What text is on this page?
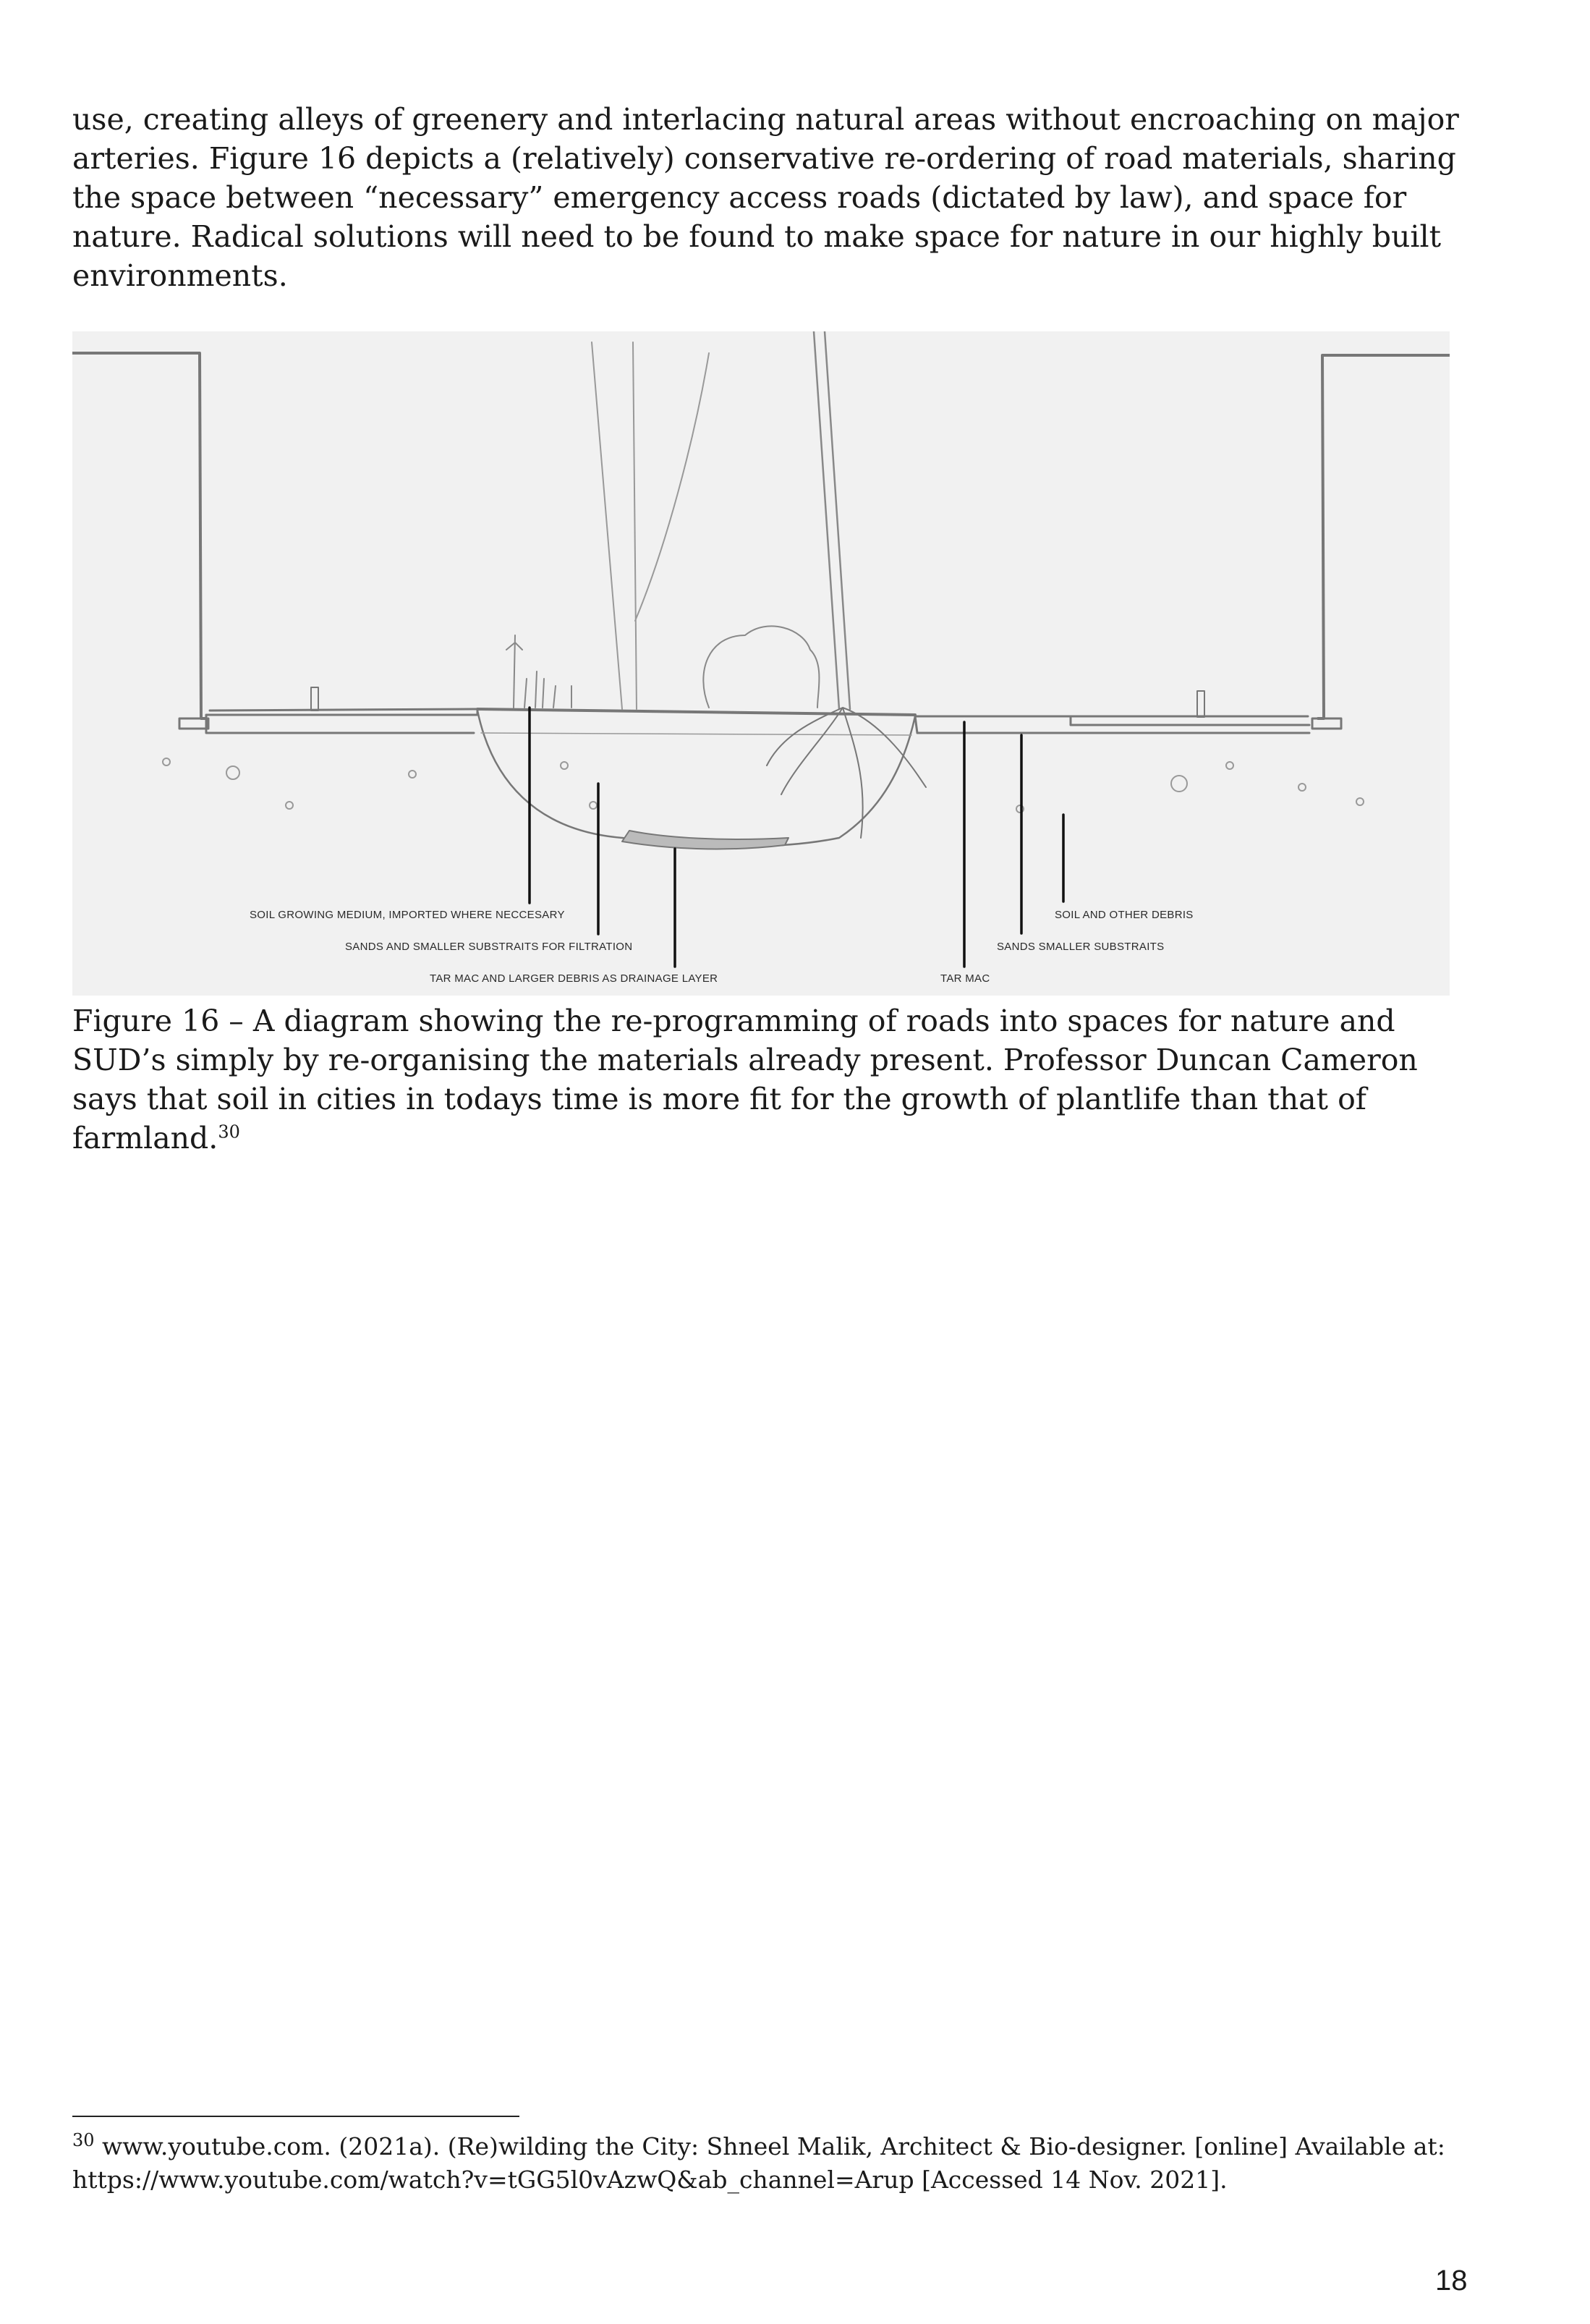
use, creating alleys of greenery and interlacing natural areas without encroaching on major arteries. Figure 16 depicts a (relatively) conservative re-ordering of road materials, sharing the space between “necessary” emergency access roads (dictated by law), and space for nature. Radical solutions will need to be found to make space for nature in our highly built environments.

SOIL GROWING MEDIUM, IMPORTED WHERE NECCESARY
SANDS AND SMALLER SUBSTRAITS FOR FILTRATION
TAR MAC AND LARGER DEBRIS AS DRAINAGE LAYER	TAR MAC
SANDS SMALLER SUBSTRAITS
SOIL AND OTHER DEBRIS

Figure 16 – A diagram showing the re-programming of roads into spaces for nature and SUD’s simply by re-organising the materials already present. Professor Duncan Cameron says that soil in cities in todays time is more fit for the growth of plantlife than that of farmland.$^{30}$

$^{30}$ www.youtube.com. (2021a). (Re)wilding the City: Shneel Malik, Architect & Bio-designer. [online] Available at: https://www.youtube.com/watch?v=tGG5l0vAzwQ&ab_channel=Arup [Accessed 14 Nov. 2021].

18
